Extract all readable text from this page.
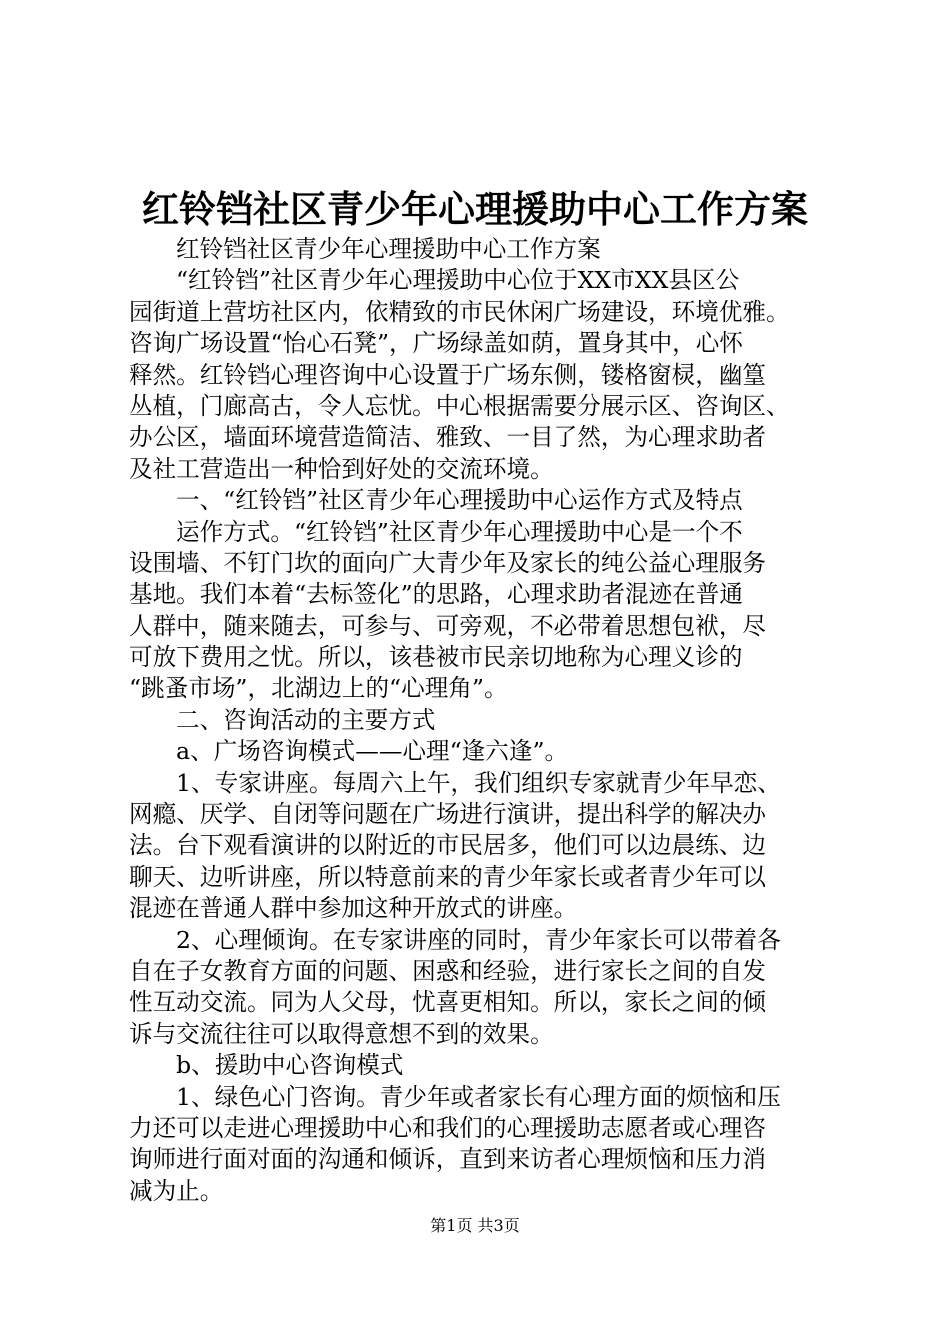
红铃铛社区青少年心理援助中心工作方案
红铃铛社区青少年心理援助中心工作方案
“红铃铛”社区青少年心理援助中心位于XX市XX县区公
园街道上营坊社区内，依精致的市民休闲广场建设，环境优雅。
咨询广场设置“怡心石凳”，广场绿盖如荫，置身其中，心怀
释然。红铃铛心理咨询中心设置于广场东侧，镂格窗棂，幽篁
丛植，门廊高古，令人忘忧。中心根据需要分展示区、咨询区、
办公区，墙面环境营造简洁、雅致、一目了然，为心理求助者
及社工营造出一种恰到好处的交流环境。
一、“红铃铛”社区青少年心理援助中心运作方式及特点
运作方式。“红铃铛”社区青少年心理援助中心是一个不
设围墙、不钉门坎的面向广大青少年及家长的纯公益心理服务
基地。我们本着“去标签化”的思路，心理求助者混迹在普通
人群中，随来随去，可参与、可旁观，不必带着思想包袱，尽
可放下费用之忧。所以，该巷被市民亲切地称为心理义诊的
“跳蚤市场”，北湖边上的“心理角”。
二、咨询活动的主要方式
a、广场咨询模式——心理“逢六逢”。
1、专家讲座。每周六上午，我们组织专家就青少年早恋、
网瘾、厌学、自闭等问题在广场进行演讲，提出科学的解决办
法。台下观看演讲的以附近的市民居多，他们可以边晨练、边
聊天、边听讲座，所以特意前来的青少年家长或者青少年可以
混迹在普通人群中参加这种开放式的讲座。
2、心理倾询。在专家讲座的同时，青少年家长可以带着各
自在子女教育方面的问题、困惑和经验，进行家长之间的自发
性互动交流。同为人父母，忧喜更相知。所以，家长之间的倾
诉与交流往往可以取得意想不到的效果。
b、援助中心咨询模式
1、绿色心门咨询。青少年或者家长有心理方面的烦恼和压
力还可以走进心理援助中心和我们的心理援助志愿者或心理咨
询师进行面对面的沟通和倾诉，直到来访者心理烦恼和压力消
减为止。
第1页 共3页
